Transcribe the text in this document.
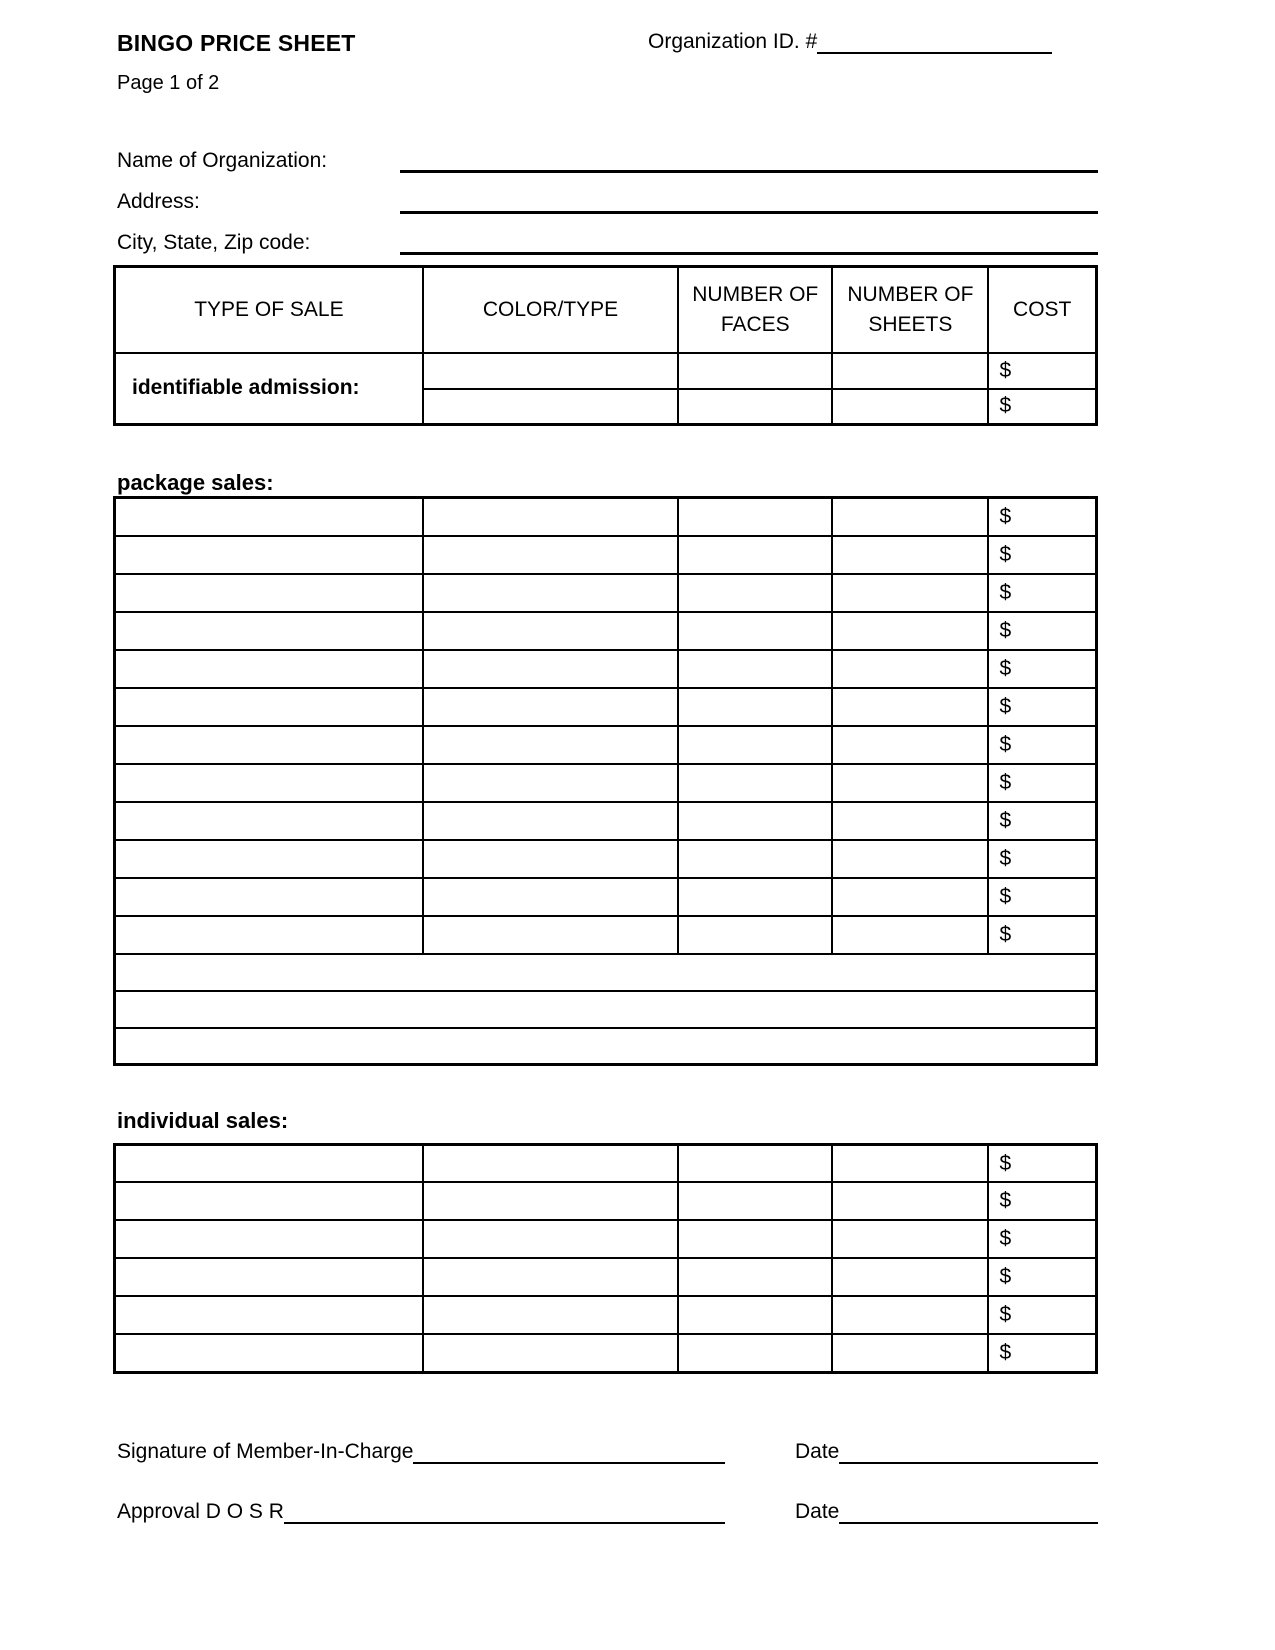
BINGO PRICE SHEET	Organization ID. #
Page 1 of 2
Name of Organization:
Address:
City, State, Zip code:
TYPE OF SALE	COLOR/TYPE	NUMBER OF FACES	NUMBER OF SHEETS	COST
identifiable admission:				$
				$
package sales:
				$
				$
				$
				$
				$
				$
				$
				$
				$
				$
				$
				$

individual sales:
				$
				$
				$
				$
				$
				$
Signature of Member-In-Charge	Date
Approval D O S R	Date
